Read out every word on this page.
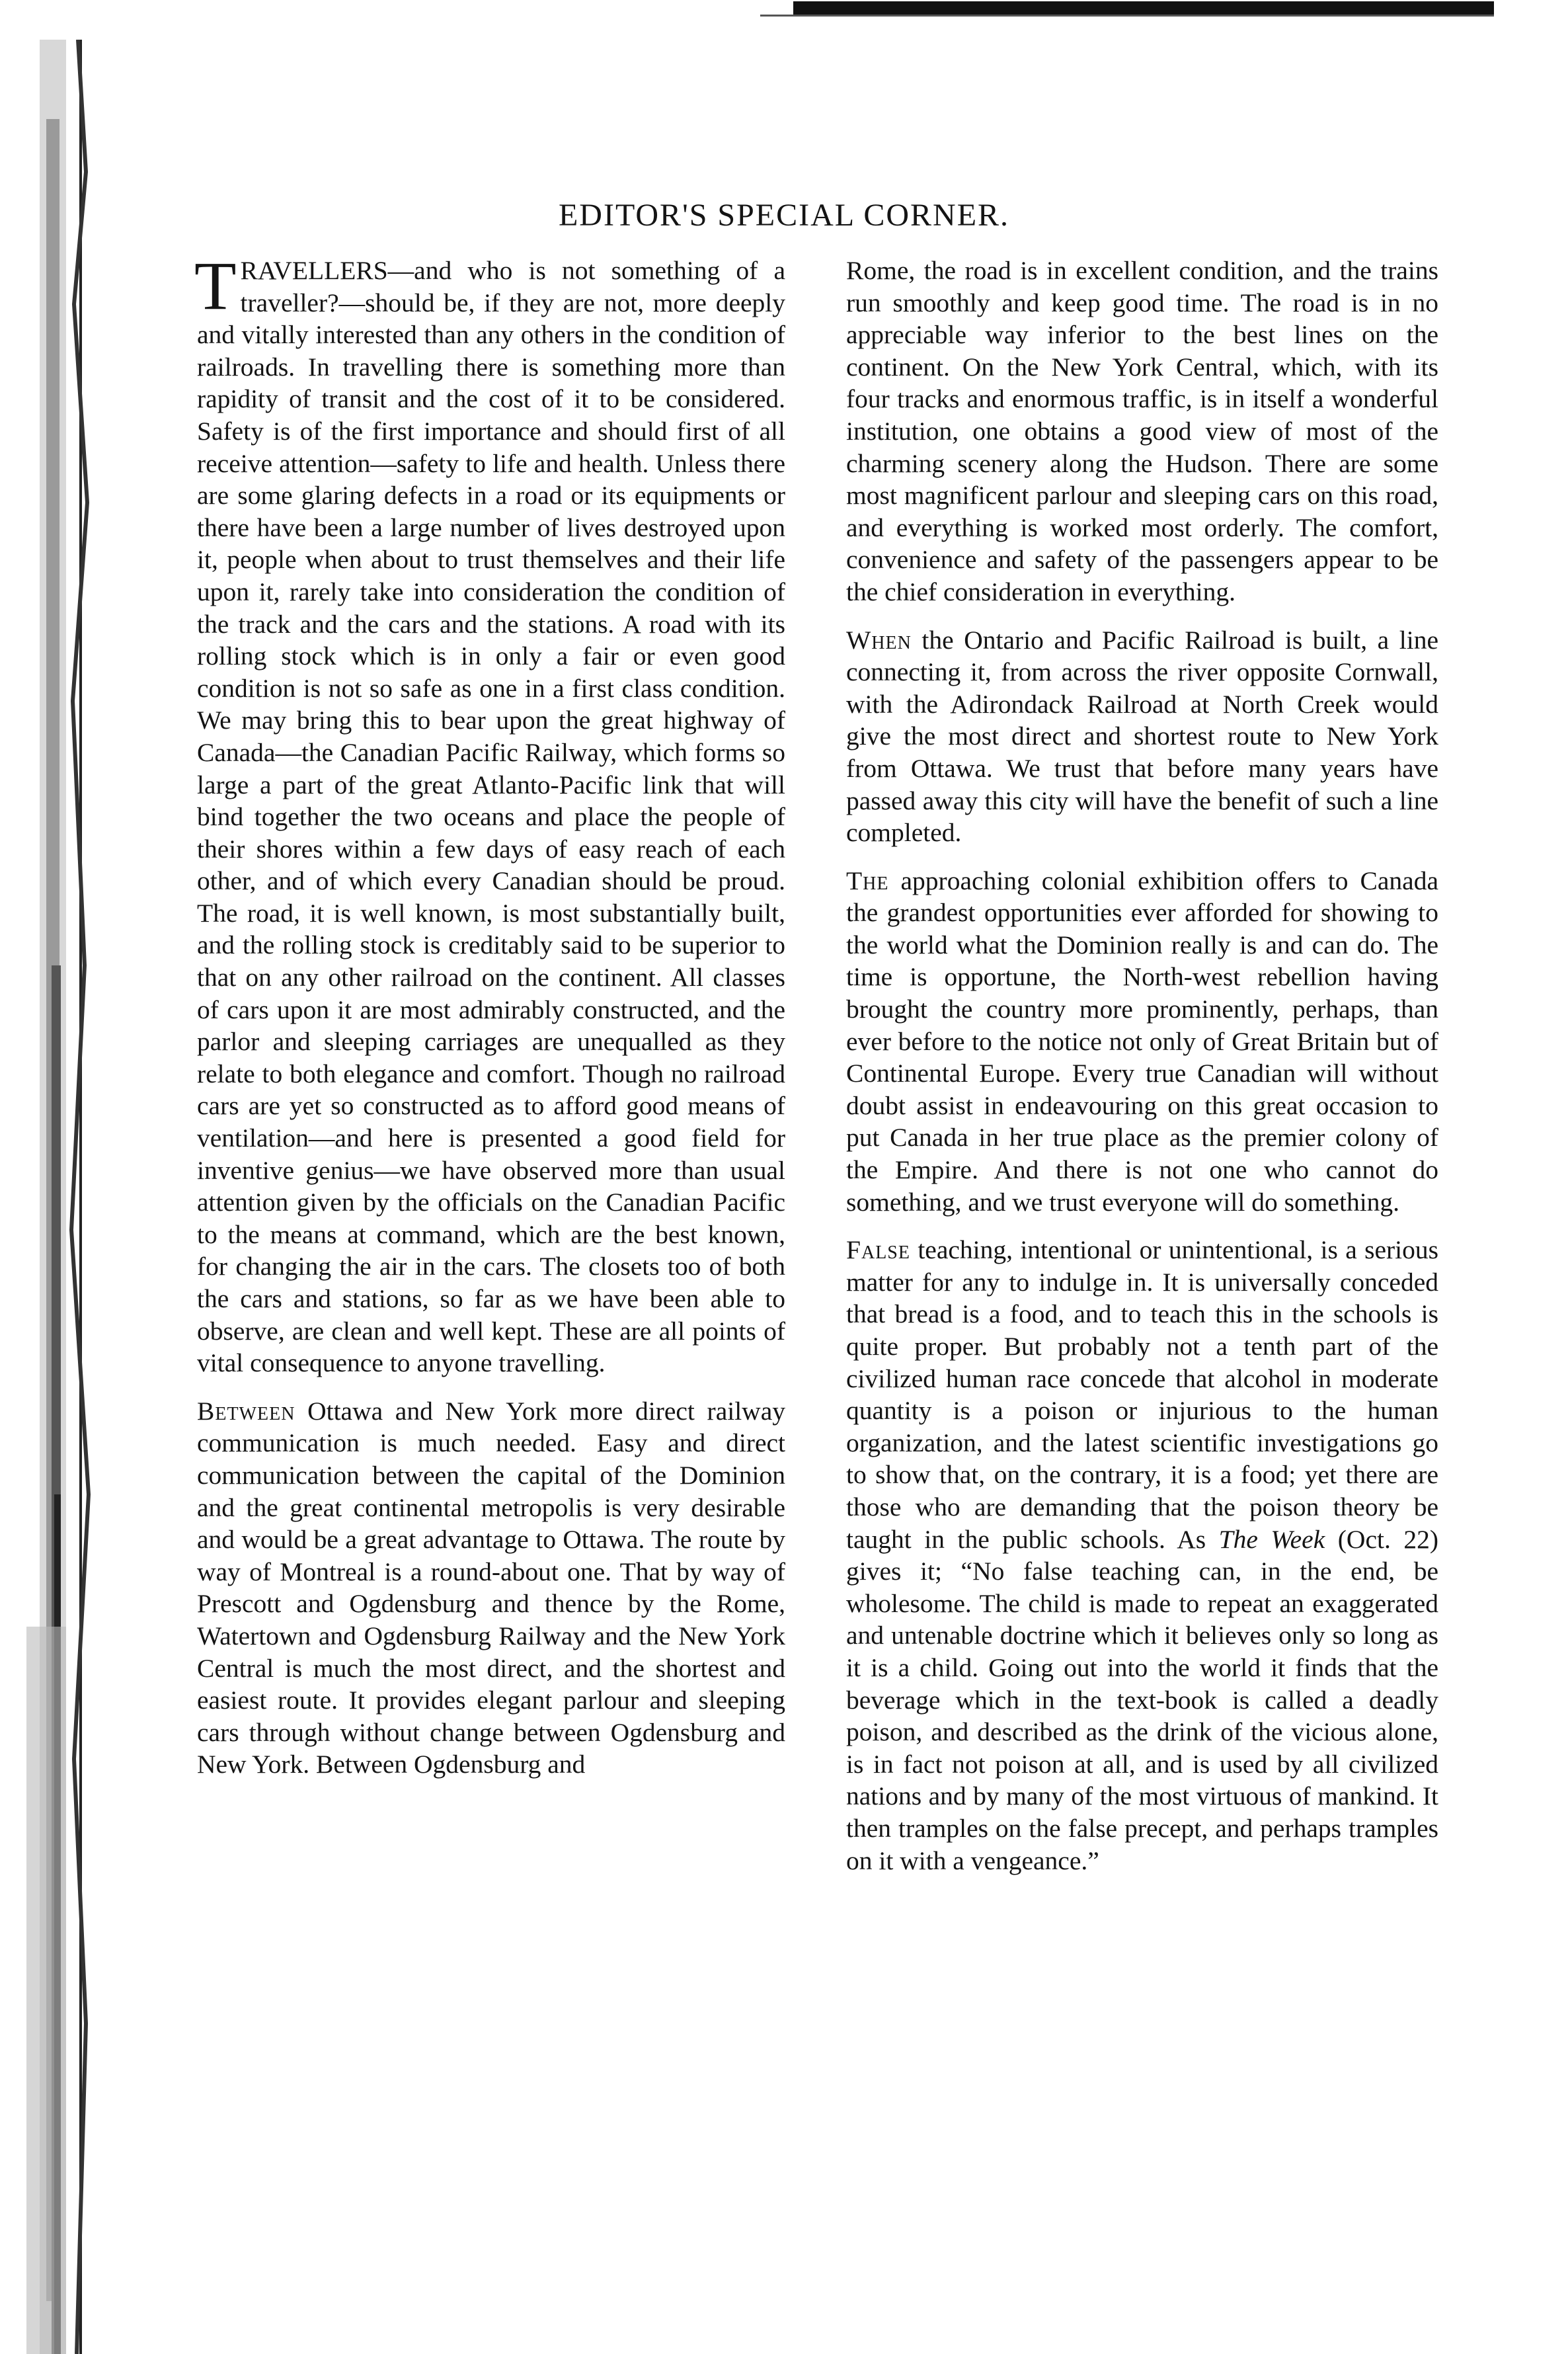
EDITOR'S SPECIAL CORNER.

TRAVELLERS—and who is not something of a traveller?—should be, if they are not, more deeply and vitally interested than any others in the condition of railroads. In travelling there is something more than rapidity of transit and the cost of it to be considered. Safety is of the first importance and should first of all receive attention—safety to life and health. Unless there are some glaring defects in a road or its equipments or there have been a large number of lives destroyed upon it, people when about to trust themselves and their life upon it, rarely take into consideration the condition of the track and the cars and the stations. A road with its rolling stock which is in only a fair or even good condition is not so safe as one in a first class condition. We may bring this to bear upon the great highway of Canada—the Canadian Pacific Railway, which forms so large a part of the great Atlanto-Pacific link that will bind together the two oceans and place the people of their shores within a few days of easy reach of each other, and of which every Canadian should be proud. The road, it is well known, is most substantially built, and the rolling stock is creditably said to be superior to that on any other railroad on the continent. All classes of cars upon it are most admirably constructed, and the parlor and sleeping carriages are unequalled as they relate to both elegance and comfort. Though no railroad cars are yet so constructed as to afford good means of ventilation—and here is presented a good field for inventive genius—we have observed more than usual attention given by the officials on the Canadian Pacific to the means at command, which are the best known, for changing the air in the cars. The closets too of both the cars and stations, so far as we have been able to observe, are clean and well kept. These are all points of vital consequence to anyone travelling.

Between Ottawa and New York more direct railway communication is much needed. Easy and direct communication between the capital of the Dominion and the great continental metropolis is very desirable and would be a great advantage to Ottawa. The route by way of Montreal is a round-about one. That by way of Prescott and Ogdensburg and thence by the Rome, Watertown and Ogdensburg Railway and the New York Central is much the most direct, and the shortest and easiest route. It provides elegant parlour and sleeping cars through without change between Ogdensburg and New York. Between Ogdensburg and

Rome, the road is in excellent condition, and the trains run smoothly and keep good time. The road is in no appreciable way inferior to the best lines on the continent. On the New York Central, which, with its four tracks and enormous traffic, is in itself a wonderful institution, one obtains a good view of most of the charming scenery along the Hudson. There are some most magnificent parlour and sleeping cars on this road, and everything is worked most orderly. The comfort, convenience and safety of the passengers appear to be the chief consideration in everything.

When the Ontario and Pacific Railroad is built, a line connecting it, from across the river opposite Cornwall, with the Adirondack Railroad at North Creek would give the most direct and shortest route to New York from Ottawa. We trust that before many years have passed away this city will have the benefit of such a line completed.

The approaching colonial exhibition offers to Canada the grandest opportunities ever afforded for showing to the world what the Dominion really is and can do. The time is opportune, the North-west rebellion having brought the country more prominently, perhaps, than ever before to the notice not only of Great Britain but of Continental Europe. Every true Canadian will without doubt assist in endeavouring on this great occasion to put Canada in her true place as the premier colony of the Empire. And there is not one who cannot do something, and we trust everyone will do something.

False teaching, intentional or unintentional, is a serious matter for any to indulge in. It is universally conceded that bread is a food, and to teach this in the schools is quite proper. But probably not a tenth part of the civilized human race concede that alcohol in moderate quantity is a poison or injurious to the human organization, and the latest scientific investigations go to show that, on the contrary, it is a food; yet there are those who are demanding that the poison theory be taught in the public schools. As The Week (Oct. 22) gives it; “No false teaching can, in the end, be wholesome. The child is made to repeat an exaggerated and untenable doctrine which it believes only so long as it is a child. Going out into the world it finds that the beverage which in the text-book is called a deadly poison, and described as the drink of the vicious alone, is in fact not poison at all, and is used by all civilized nations and by many of the most virtuous of mankind. It then tramples on the false precept, and perhaps tramples on it with a vengeance.”
